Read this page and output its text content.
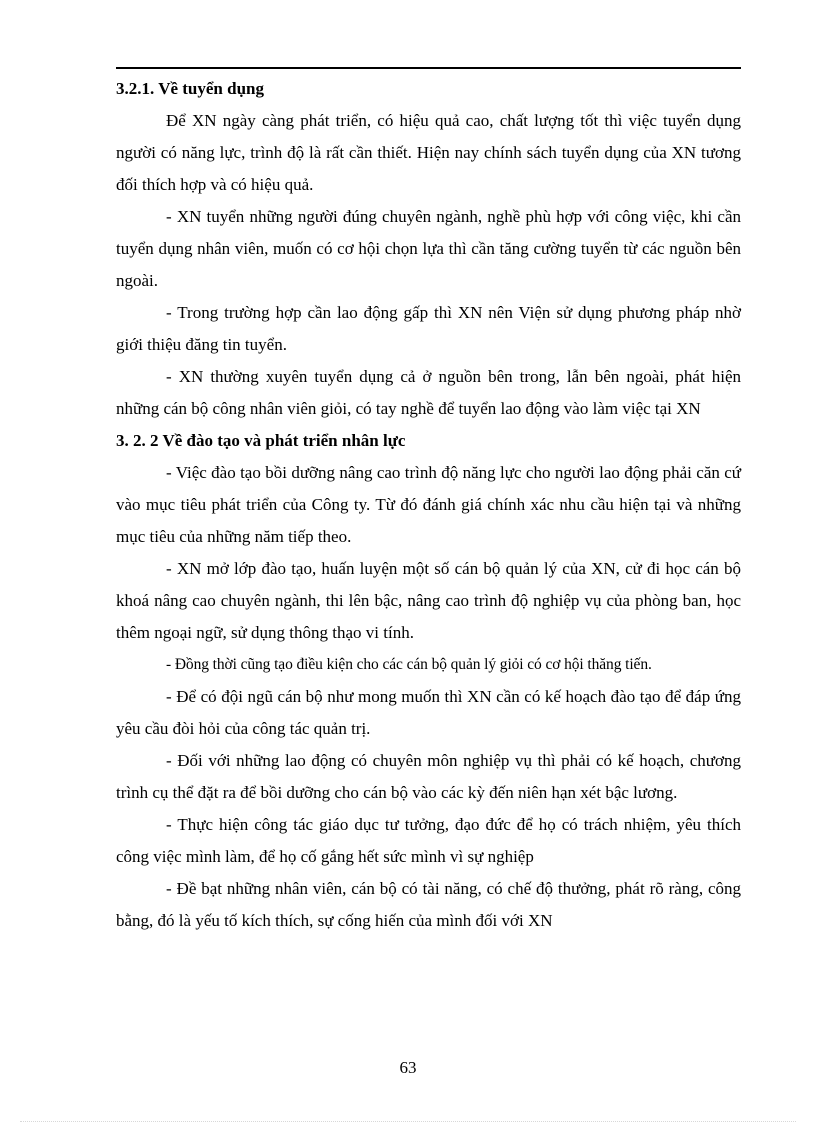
3.2.1. Về tuyển dụng

Để XN ngày càng phát triển, có hiệu quả cao, chất lượng tốt thì việc tuyển dụng người có năng lực, trình độ là rất cần thiết. Hiện nay chính sách tuyển dụng của XN tương đối thích hợp và có hiệu quả.

- XN tuyển những người đúng chuyên ngành, nghề phù hợp với công việc, khi cần tuyển dụng nhân viên, muốn có cơ hội chọn lựa thì cần tăng cường tuyển từ các nguồn bên ngoài.

- Trong trường hợp cần lao động gấp thì XN nên Viện sử dụng phương pháp nhờ giới thiệu đăng tin tuyển.

- XN thường xuyên tuyển dụng cả ở nguồn bên trong, lẫn bên ngoài, phát hiện những cán bộ công nhân viên giỏi, có tay nghề để tuyển lao động vào làm việc tại XN

3. 2. 2 Về đào tạo và phát triển nhân lực

- Việc đào tạo bồi dưỡng nâng cao trình độ năng lực cho người lao động phải căn cứ vào mục tiêu phát triển của Công ty. Từ đó đánh giá chính xác nhu cầu hiện tại và những mục tiêu của những năm tiếp theo.

- XN mở lớp đào tạo, huấn luyện một số cán bộ quản lý của XN, cử đi học cán bộ khoá nâng cao chuyên ngành, thi lên bậc, nâng cao trình độ nghiệp vụ của phòng ban, học thêm ngoại ngữ, sử dụng thông thạo vi tính.

- Đồng thời cũng tạo điều kiện cho các cán bộ quản lý giỏi có cơ hội thăng tiến.

- Để có đội ngũ cán bộ như mong muốn thì XN cần có kế hoạch đào tạo để đáp ứng yêu cầu đòi hỏi của công tác quản trị.

- Đối với những lao động có chuyên môn nghiệp vụ thì phải có kế hoạch, chương trình cụ thể đặt ra để bồi dưỡng cho cán bộ vào các kỳ đến niên hạn xét bậc lương.

- Thực hiện công tác giáo dục tư tưởng, đạo đức để họ có trách nhiệm, yêu thích công việc mình làm, để họ cố gắng hết sức mình vì sự nghiệp

- Đề bạt những nhân viên, cán bộ có tài năng, có chế độ thưởng, phát rõ ràng, công bằng, đó là yếu tố kích thích, sự cống hiến của mình đối với XN

63
